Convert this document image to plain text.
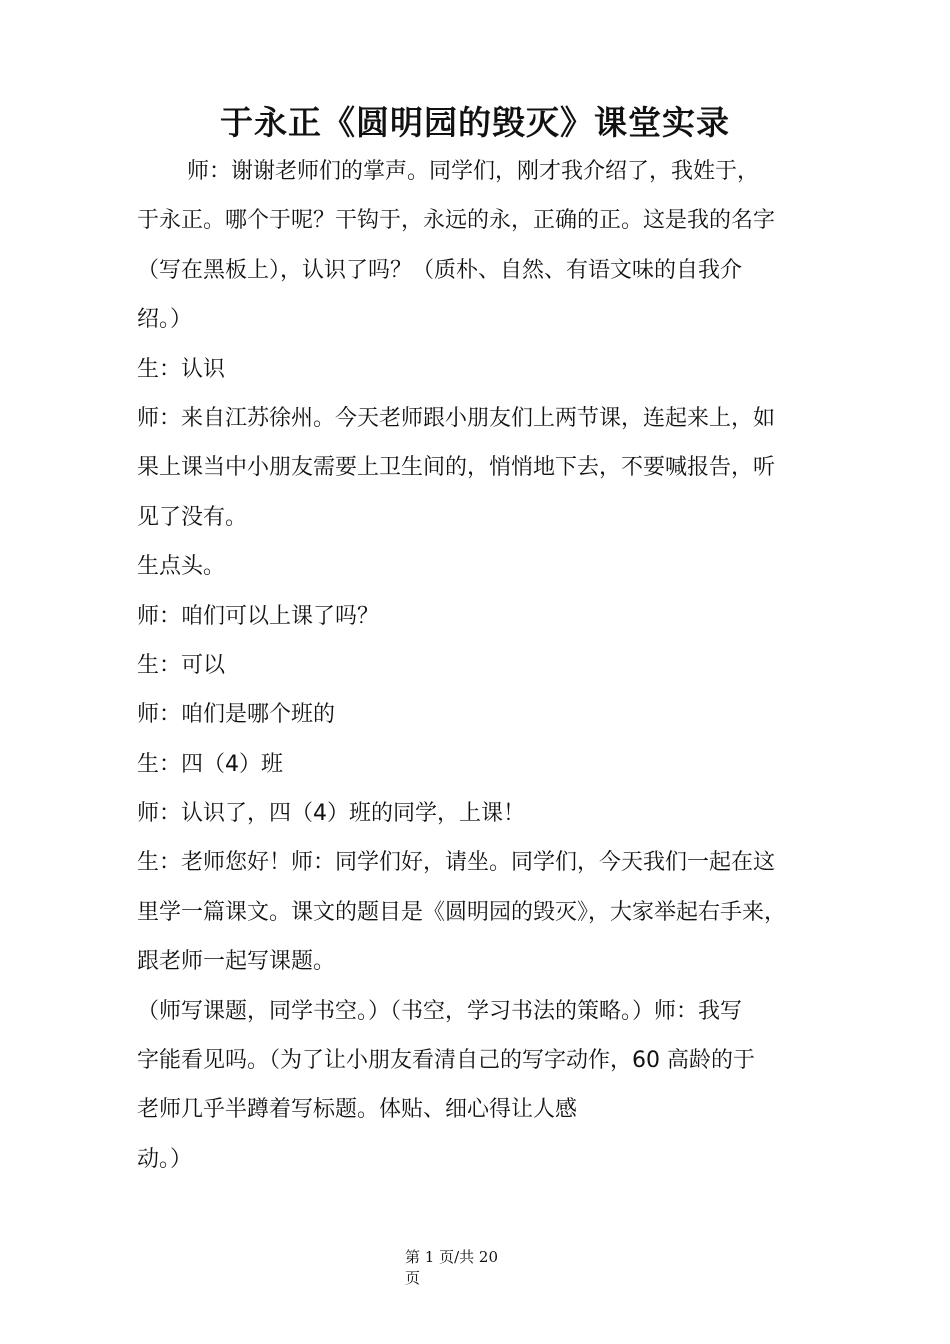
于永正《圆明园的毁灭》课堂实录
师：谢谢老师们的掌声。同学们，刚才我介绍了，我姓于，
于永正。哪个于呢？干钩于，永远的永，正确的正。这是我的名字
（写在黑板上），认识了吗？（质朴、自然、有语文味的自我介
绍。）
生：认识
师：来自江苏徐州。今天老师跟小朋友们上两节课，连起来上，如
果上课当中小朋友需要上卫生间的，悄悄地下去，不要喊报告，听
见了没有。
生点头。
师：咱们可以上课了吗？
生：可以
师：咱们是哪个班的
生：四（4）班
师：认识了，四（4）班的同学，上课！
生：老师您好！师：同学们好，请坐。同学们，今天我们一起在这
里学一篇课文。课文的题目是《圆明园的毁灭》，大家举起右手来，
跟老师一起写课题。
（师写课题，同学书空。）（书空，学习书法的策略。）师：我写
字能看见吗。（为了让小朋友看清自己的写字动作，60 高龄的于
老师几乎半蹲着写标题。体贴、细心得让人感
动。）
第 1 页/共 20
页
